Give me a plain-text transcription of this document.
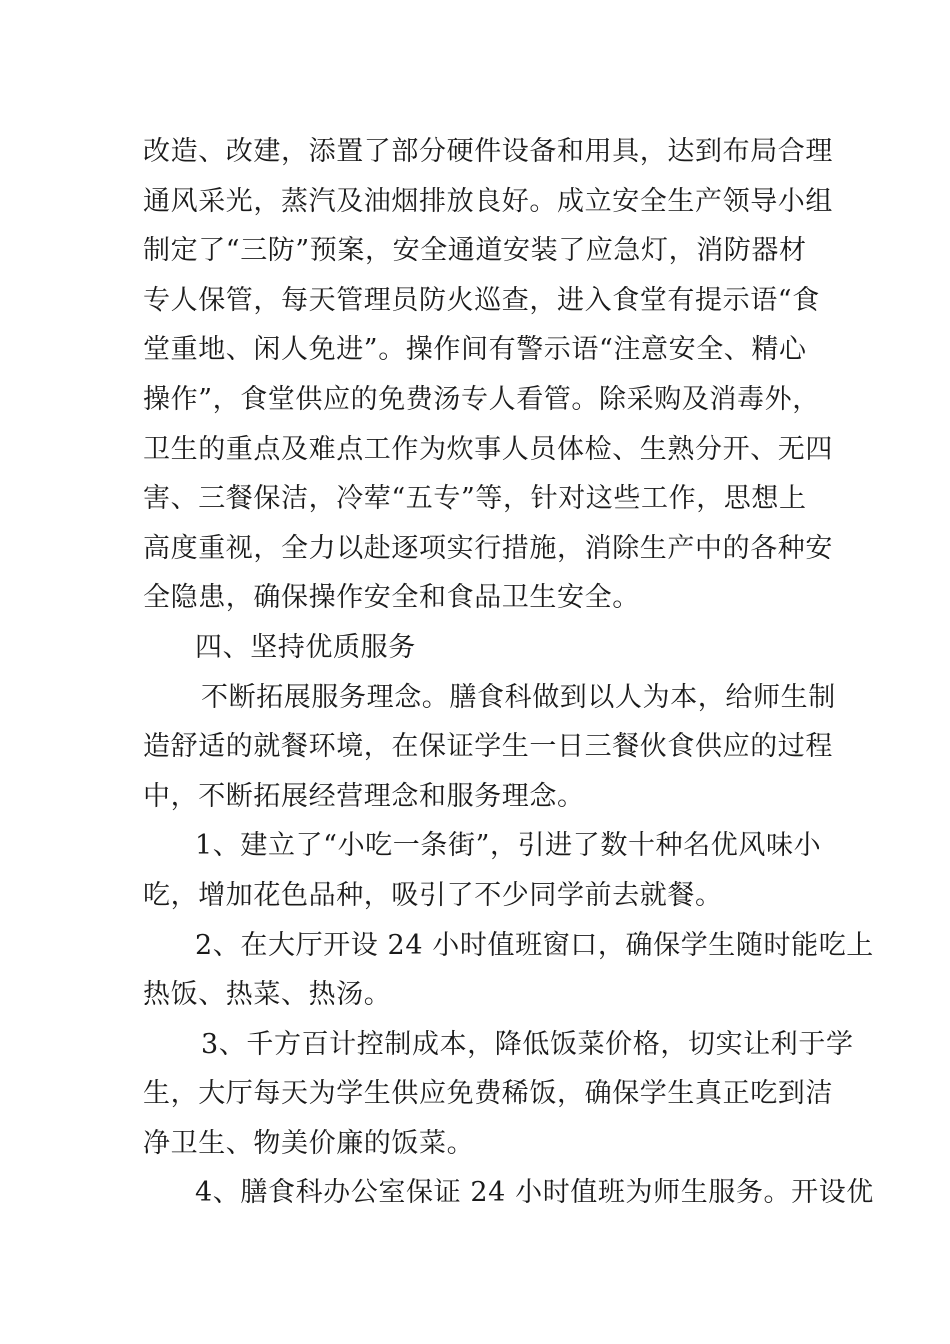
改造、改建，添置了部分硬件设备和用具，达到布局合理
通风采光，蒸汽及油烟排放良好。成立安全生产领导小组
制定了“三防”预案，安全通道安装了应急灯，消防器材
专人保管，每天管理员防火巡查，进入食堂有提示语“食
堂重地、闲人免进”。操作间有警示语“注意安全、精心
操作”，食堂供应的免费汤专人看管。除采购及消毒外，
卫生的重点及难点工作为炊事人员体检、生熟分开、无四
害、三餐保洁，冷荤“五专”等，针对这些工作，思想上
高度重视，全力以赴逐项实行措施，消除生产中的各种安
全隐患，确保操作安全和食品卫生安全。
四、坚持优质服务
不断拓展服务理念。膳食科做到以人为本，给师生制
造舒适的就餐环境，在保证学生一日三餐伙食供应的过程
中，不断拓展经营理念和服务理念。
1、建立了“小吃一条街”，引进了数十种名优风味小
吃，增加花色品种，吸引了不少同学前去就餐。
2、在大厅开设 24 小时值班窗口，确保学生随时能吃上
热饭、热菜、热汤。
3、千方百计控制成本，降低饭菜价格，切实让利于学
生，大厅每天为学生供应免费稀饭，确保学生真正吃到洁
净卫生、物美价廉的饭菜。
4、膳食科办公室保证 24 小时值班为师生服务。开设优
